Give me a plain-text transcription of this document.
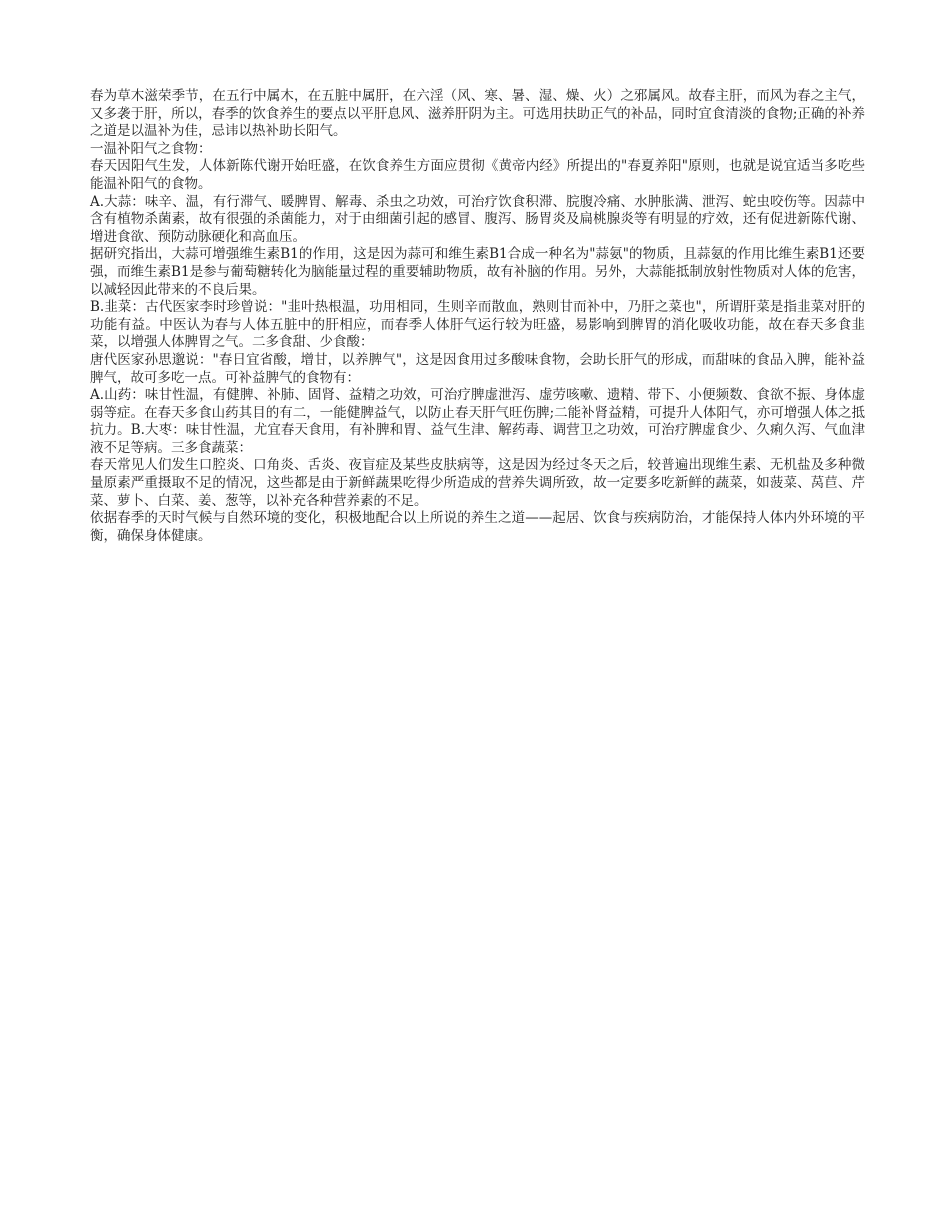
春为草木滋荣季节，在五行中属木，在五脏中属肝，在六淫（风、寒、暑、湿、燥、火）之邪属风。故春主肝，而风为春之主气，又多袭于肝，所以，春季的饮食养生的要点以平肝息风、滋养肝阴为主。可选用扶助正气的补品，同时宜食清淡的食物;正确的补养之道是以温补为佳，忌讳以热补助长阳气。

一温补阳气之食物：

春天因阳气生发，人体新陈代谢开始旺盛，在饮食养生方面应贯彻《黄帝内经》所提出的"春夏养阳"原则，也就是说宜适当多吃些能温补阳气的食物。

A.大蒜：味辛、温，有行滞气、暖脾胃、解毒、杀虫之功效，可治疗饮食积滞、脘腹冷痛、水肿胀满、泄泻、蛇虫咬伤等。因蒜中含有植物杀菌素，故有很强的杀菌能力，对于由细菌引起的感冒、腹泻、肠胃炎及扁桃腺炎等有明显的疗效，还有促进新陈代谢、增进食欲、预防动脉硬化和高血压。

据研究指出，大蒜可增强维生素B1的作用，这是因为蒜可和维生素B1合成一种名为"蒜氨"的物质，且蒜氨的作用比维生素B1还要强，而维生素B1是参与葡萄糖转化为脑能量过程的重要辅助物质，故有补脑的作用。另外，大蒜能抵制放射性物质对人体的危害，以减轻因此带来的不良后果。

B.韭菜：古代医家李时珍曾说："韭叶热根温，功用相同，生则辛而散血，熟则甘而补中，乃肝之菜也"，所谓肝菜是指韭菜对肝的功能有益。中医认为春与人体五脏中的肝相应，而春季人体肝气运行较为旺盛，易影响到脾胃的消化吸收功能，故在春天多食韭菜，以增强人体脾胃之气。二多食甜、少食酸：

唐代医家孙思邈说："春日宜省酸，增甘，以养脾气"，这是因食用过多酸味食物，会助长肝气的形成，而甜味的食品入脾，能补益脾气，故可多吃一点。可补益脾气的食物有：

A.山药：味甘性温，有健脾、补肺、固肾、益精之功效，可治疗脾虚泄泻、虚劳咳嗽、遗精、带下、小便频数、食欲不振、身体虚弱等症。在春天多食山药其目的有二，一能健脾益气，以防止春天肝气旺伤脾;二能补肾益精，可提升人体阳气，亦可增强人体之抵抗力。B.大枣：味甘性温，尤宜春天食用，有补脾和胃、益气生津、解药毒、调营卫之功效，可治疗脾虚食少、久痢久泻、气血津液不足等病。三多食蔬菜：

春天常见人们发生口腔炎、口角炎、舌炎、夜盲症及某些皮肤病等，这是因为经过冬天之后，较普遍出现维生素、无机盐及多种微量原素严重摄取不足的情况，这些都是由于新鲜蔬果吃得少所造成的营养失调所致，故一定要多吃新鲜的蔬菜，如菠菜、莴苣、芹菜、萝卜、白菜、姜、葱等，以补充各种营养素的不足。

依据春季的天时气候与自然环境的变化，积极地配合以上所说的养生之道——起居、饮食与疾病防治，才能保持人体内外环境的平衡，确保身体健康。
